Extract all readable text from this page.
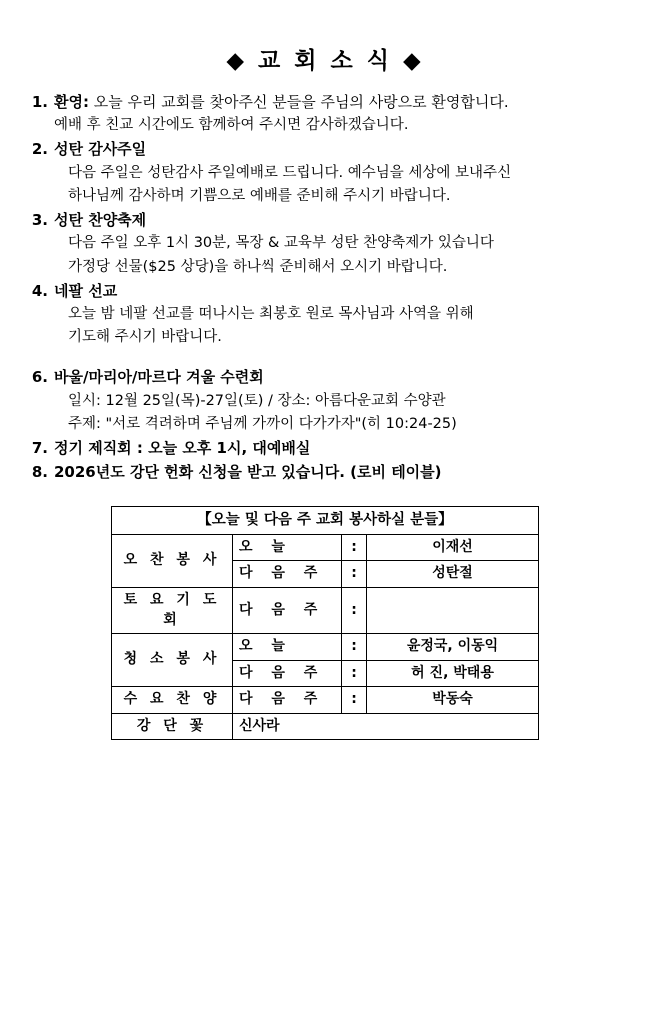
◆ 교 회 소 식 ◆
1. 환영: 오늘 우리 교회를 찾아주신 분들을 주님의 사랑으로 환영합니다.
예배 후 친교 시간에도 함께하여 주시면 감사하겠습니다.
2. 성탄 감사주일
다음 주일은 성탄감사 주일예배로 드립니다. 예수님을 세상에 보내주신
하나님께 감사하며 기쁨으로 예배를 준비해 주시기 바랍니다.
3. 성탄 찬양축제
다음 주일 오후 1시 30분, 목장 & 교육부 성탄 찬양축제가 있습니다
가정당 선물($25 상당)을 하나씩 준비해서 오시기 바랍니다.
4. 네팔 선교
오늘 밤 네팔 선교를 떠나시는 최봉호 원로 목사님과 사역을 위해
기도해 주시기 바랍니다.
6. 바울/마리아/마르다 겨울 수련회
일시: 12월 25일(목)-27일(토) / 장소: 아름다운교회 수양관
주제: "서로 격려하며 주님께 가까이 다가가자"(히 10:24-25)
7. 정기 제직회 : 오늘 오후 1시, 대예배실
8. 2026년도 강단 헌화 신청을 받고 있습니다. (로비 테이블)
【오늘 및 다음 주 교회 봉사하실 분들】			
오 찬 봉 사	오 늘	:	이재선
	다 음 주	:	성탄절
토 요 기 도 회	다 음 주	:	
청 소 봉 사	오 늘	:	윤정국, 이동익
	다 음 주	:	허 진, 박태용
수 요 찬 양	다 음 주	:	박동숙
강 단 꽃	신사라		
